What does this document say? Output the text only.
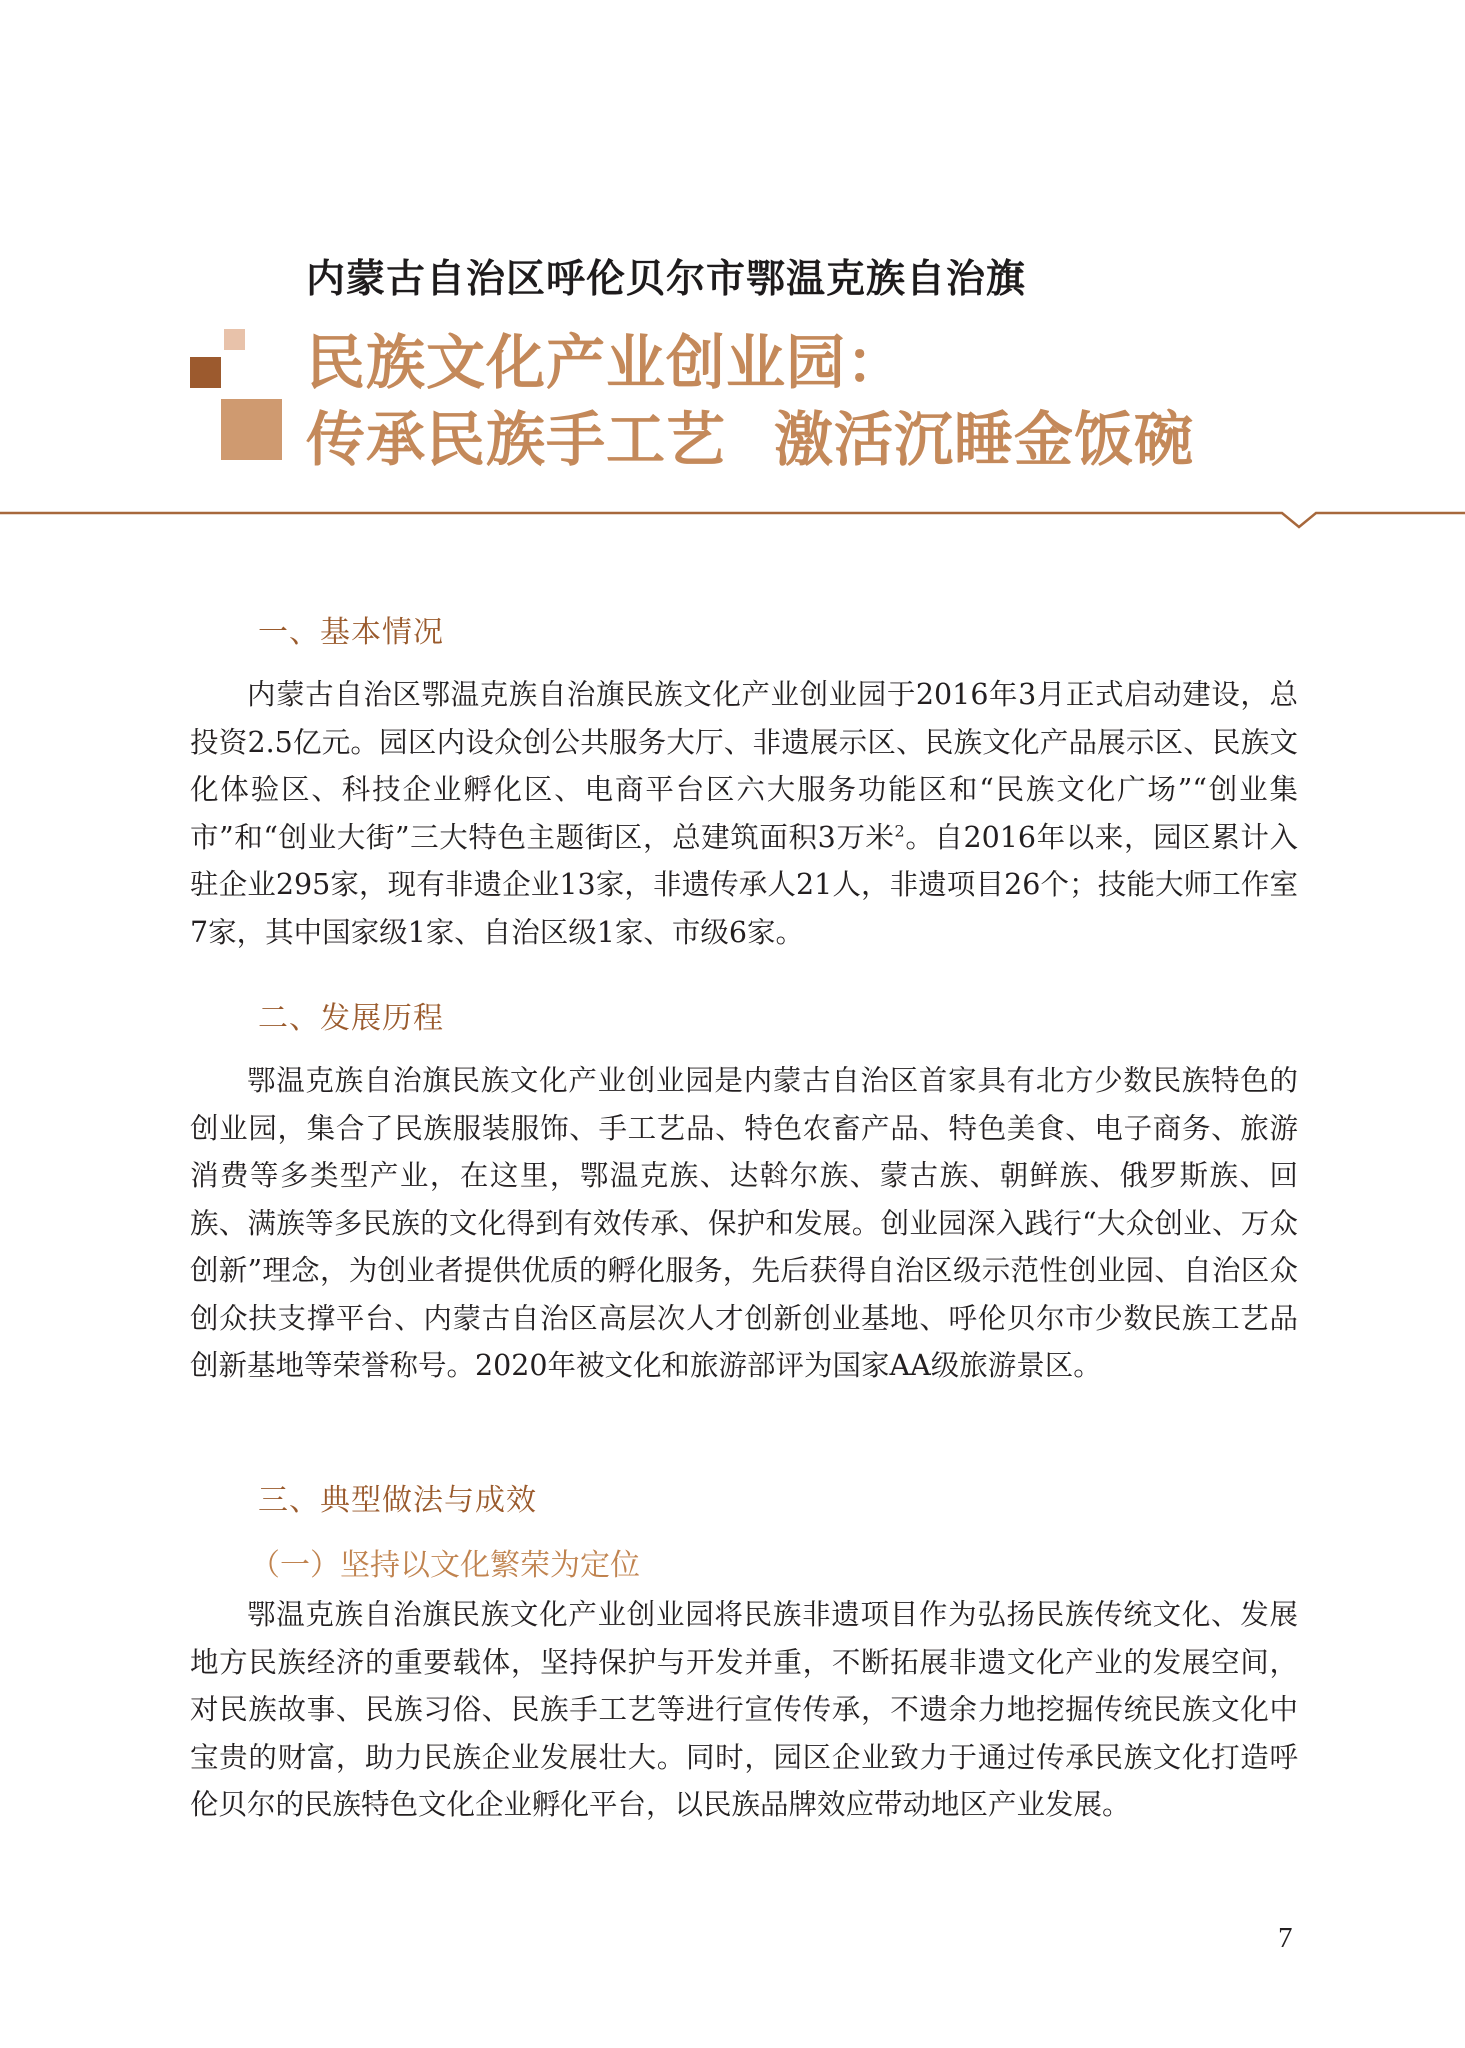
内蒙古自治区呼伦贝尔市鄂温克族自治旗
民族文化产业创业园：
传承民族手工艺 激活沉睡金饭碗
一、基本情况

内蒙古自治区鄂温克族自治旗民族文化产业创业园于2016年3月正式启动建设，总投资2.5亿元。园区内设众创公共服务大厅、非遗展示区、民族文化产品展示区、民族文化体验区、科技企业孵化区、电商平台区六大服务功能区和“民族文化广场”“创业集市”和“创业大街”三大特色主题街区，总建筑面积3万米$^2$。自2016年以来，园区累计入驻企业295家，现有非遗企业13家，非遗传承人21人，非遗项目26个；技能大师工作室7家，其中国家级1家、自治区级1家、市级6家。

二、发展历程

鄂温克族自治旗民族文化产业创业园是内蒙古自治区首家具有北方少数民族特色的创业园，集合了民族服装服饰、手工艺品、特色农畜产品、特色美食、电子商务、旅游消费等多类型产业，在这里，鄂温克族、达斡尔族、蒙古族、朝鲜族、俄罗斯族、回族、满族等多民族的文化得到有效传承、保护和发展。创业园深入践行“大众创业、万众创新”理念，为创业者提供优质的孵化服务，先后获得自治区级示范性创业园、自治区众创众扶支撑平台、内蒙古自治区高层次人才创新创业基地、呼伦贝尔市少数民族工艺品创新基地等荣誉称号。2020年被文化和旅游部评为国家AA级旅游景区。

三、典型做法与成效
（一）坚持以文化繁荣为定位

鄂温克族自治旗民族文化产业创业园将民族非遗项目作为弘扬民族传统文化、发展地方民族经济的重要载体，坚持保护与开发并重，不断拓展非遗文化产业的发展空间，对民族故事、民族习俗、民族手工艺等进行宣传传承，不遗余力地挖掘传统民族文化中宝贵的财富，助力民族企业发展壮大。同时，园区企业致力于通过传承民族文化打造呼伦贝尔的民族特色文化企业孵化平台，以民族品牌效应带动地区产业发展。

7
